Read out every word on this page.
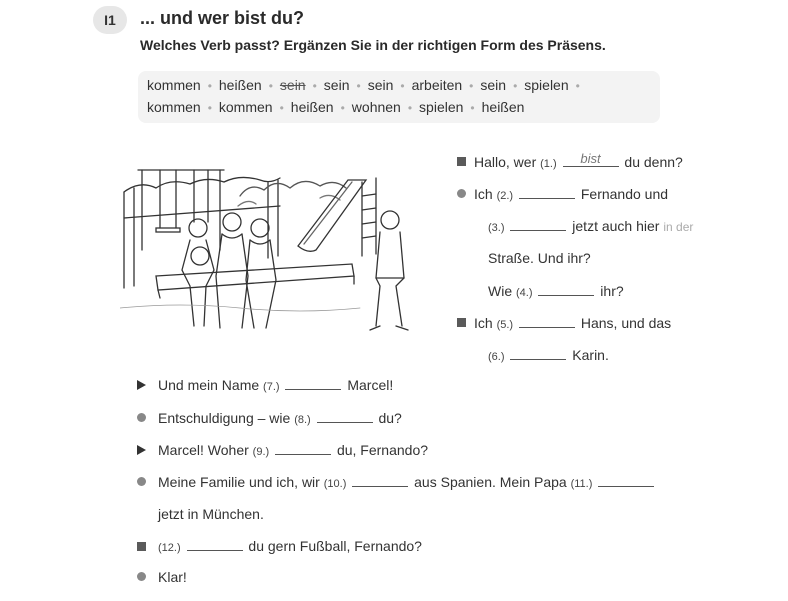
I1	... und wer bist du?
Welches Verb passt? Ergänzen Sie in der richtigen Form des Präsens.
kommen • heißen • sein • sein • sein • arbeiten • sein • spielen •
kommen • kommen • heißen • wohnen • spielen • heißen
Hallo, wer (1.)	bist	du denn?
Ich (2.)	Fernando und
(3.)	jetzt auch hier in der
Straße. Und ihr?
Wie (4.)	ihr?
Ich (5.)	Hans, und das
(6.)	Karin.
Und mein Name (7.)	Marcel!
Entschuldigung – wie (8.)	du?
Marcel! Woher (9.)	du, Fernando?
Meine Familie und ich, wir (10.)	aus Spanien. Mein Papa (11.)
jetzt in München.
(12.)	du gern Fußball, Fernando?
Klar!
